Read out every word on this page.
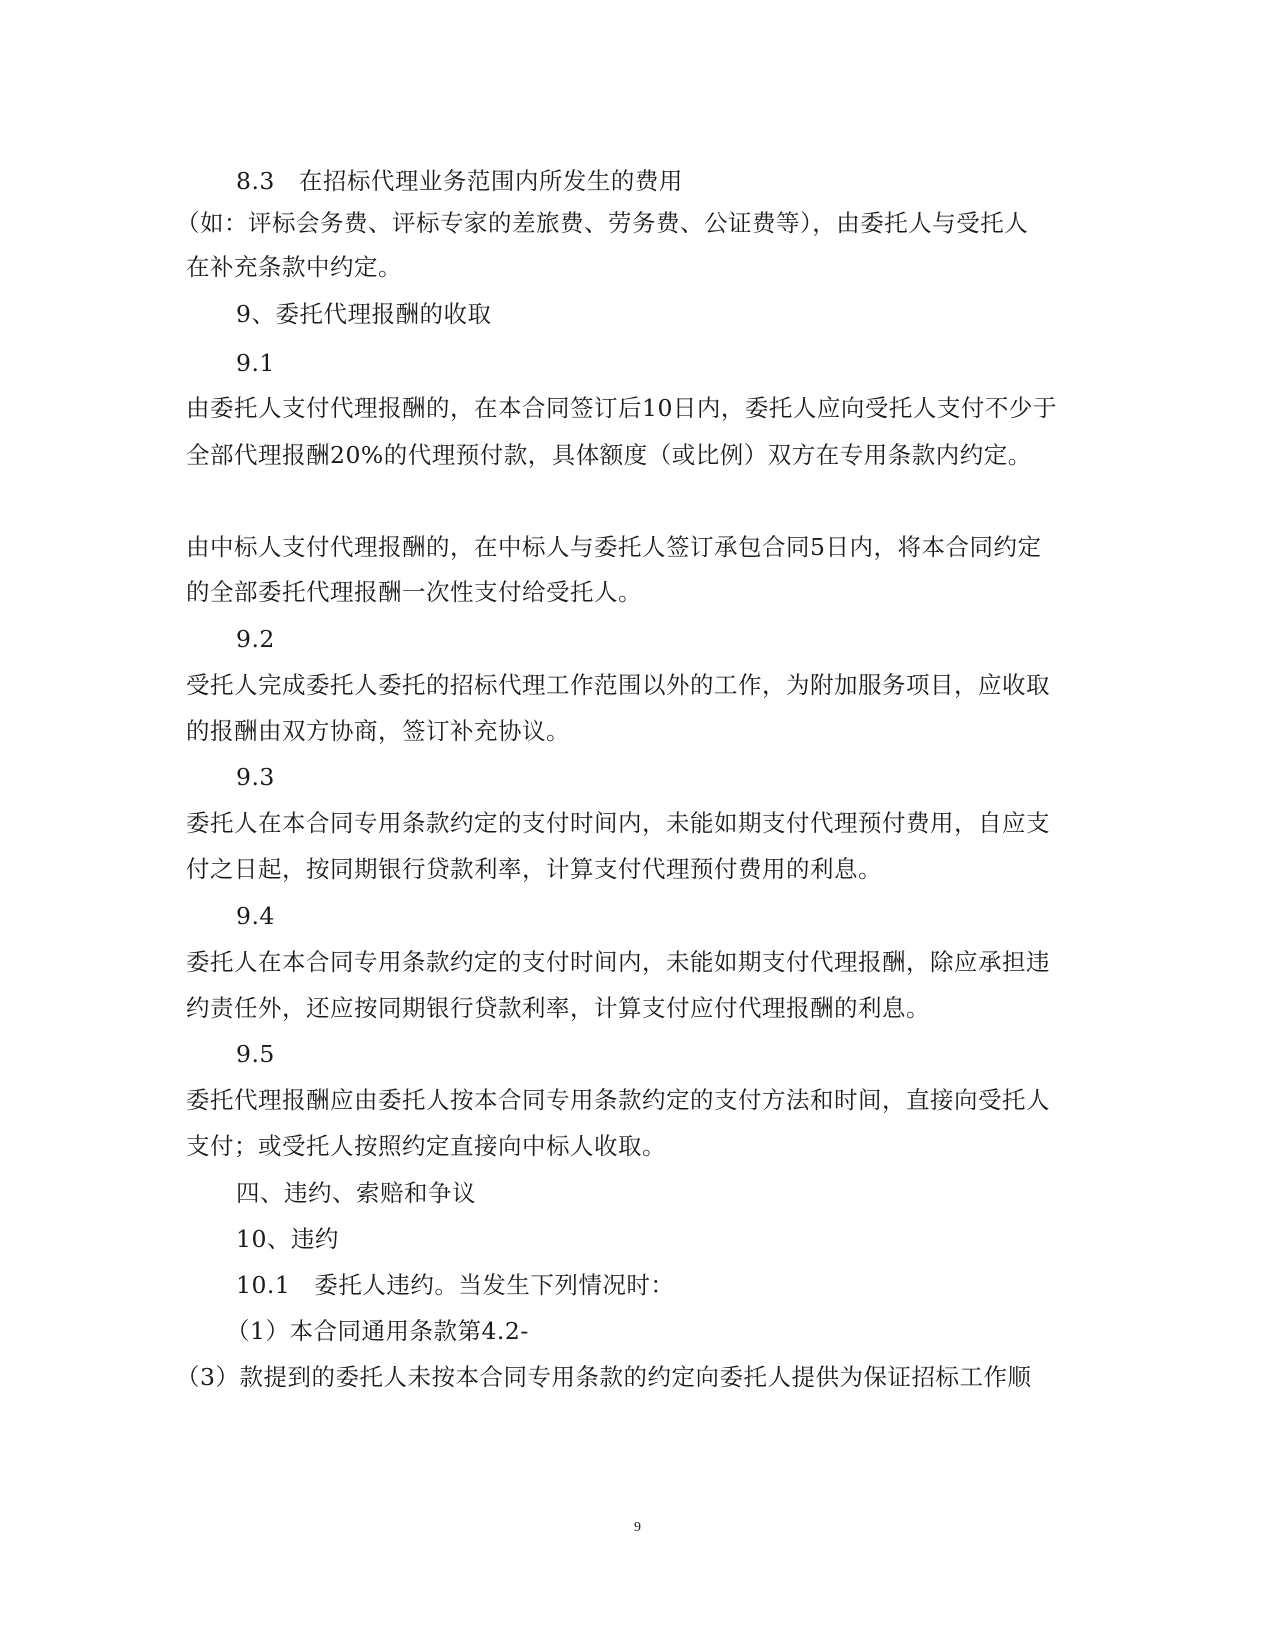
8.3　在招标代理业务范围内所发生的费用
（如：评标会务费、评标专家的差旅费、劳务费、公证费等），由委托人与受托人
在补充条款中约定。
9、委托代理报酬的收取
9.1
由委托人支付代理报酬的，在本合同签订后10日内，委托人应向受托人支付不少于
全部代理报酬20%的代理预付款，具体额度（或比例）双方在专用条款内约定。
由中标人支付代理报酬的，在中标人与委托人签订承包合同5日内，将本合同约定
的全部委托代理报酬一次性支付给受托人。
9.2
受托人完成委托人委托的招标代理工作范围以外的工作，为附加服务项目，应收取
的报酬由双方协商，签订补充协议。
9.3
委托人在本合同专用条款约定的支付时间内，未能如期支付代理预付费用，自应支
付之日起，按同期银行贷款利率，计算支付代理预付费用的利息。
9.4
委托人在本合同专用条款约定的支付时间内，未能如期支付代理报酬，除应承担违
约责任外，还应按同期银行贷款利率，计算支付应付代理报酬的利息。
9.5
委托代理报酬应由委托人按本合同专用条款约定的支付方法和时间，直接向受托人
支付；或受托人按照约定直接向中标人收取。
四、违约、索赔和争议
10、违约
10.1　委托人违约。当发生下列情况时：
（1）本合同通用条款第4.2-
（3）款提到的委托人未按本合同专用条款的约定向委托人提供为保证招标工作顺
9
